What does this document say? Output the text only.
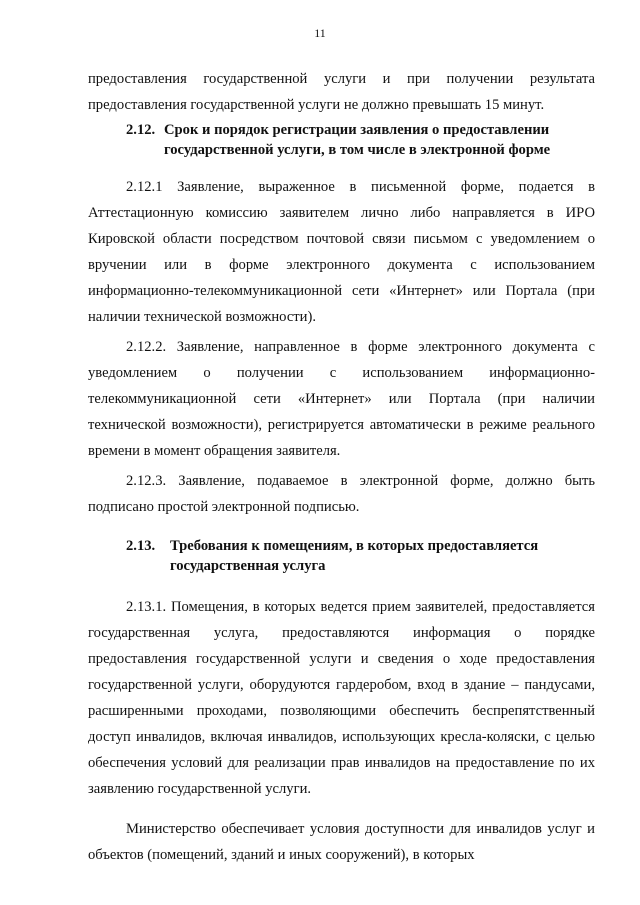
11

предоставления государственной услуги и при получении результата предоставления государственной услуги не должно превышать 15 минут.

2.12. Срок и порядок регистрации заявления о предоставлении
государственной услуги, в том числе в электронной форме

2.12.1 Заявление, выраженное в письменной форме, подается в Аттестационную комиссию заявителем лично либо направляется в ИРО Кировской области посредством почтовой связи письмом с уведомлением о вручении или в форме электронного документа с использованием информационно-телекоммуникационной сети «Интернет» или Портала (при наличии технической возможности).

2.12.2. Заявление, направленное в форме электронного документа с уведомлением о получении с использованием информационно-телекоммуникационной сети «Интернет» или Портала (при наличии технической возможности), регистрируется автоматически в режиме реального времени в момент обращения заявителя.

2.12.3. Заявление, подаваемое в электронной форме, должно быть подписано простой электронной подписью.

2.13. Требования к помещениям, в которых предоставляется
государственная услуга

2.13.1. Помещения, в которых ведется прием заявителей, предоставляется государственная услуга, предоставляются информация о порядке предоставления государственной услуги и сведения о ходе предоставления государственной услуги, оборудуются гардеробом, вход в здание – пандусами, расширенными проходами, позволяющими обеспечить беспрепятственный доступ инвалидов, включая инвалидов, использующих кресла-коляски, с целью обеспечения условий для реализации прав инвалидов на предоставление по их заявлению государственной услуги.

Министерство обеспечивает условия доступности для инвалидов услуг и объектов (помещений, зданий и иных сооружений), в которых
